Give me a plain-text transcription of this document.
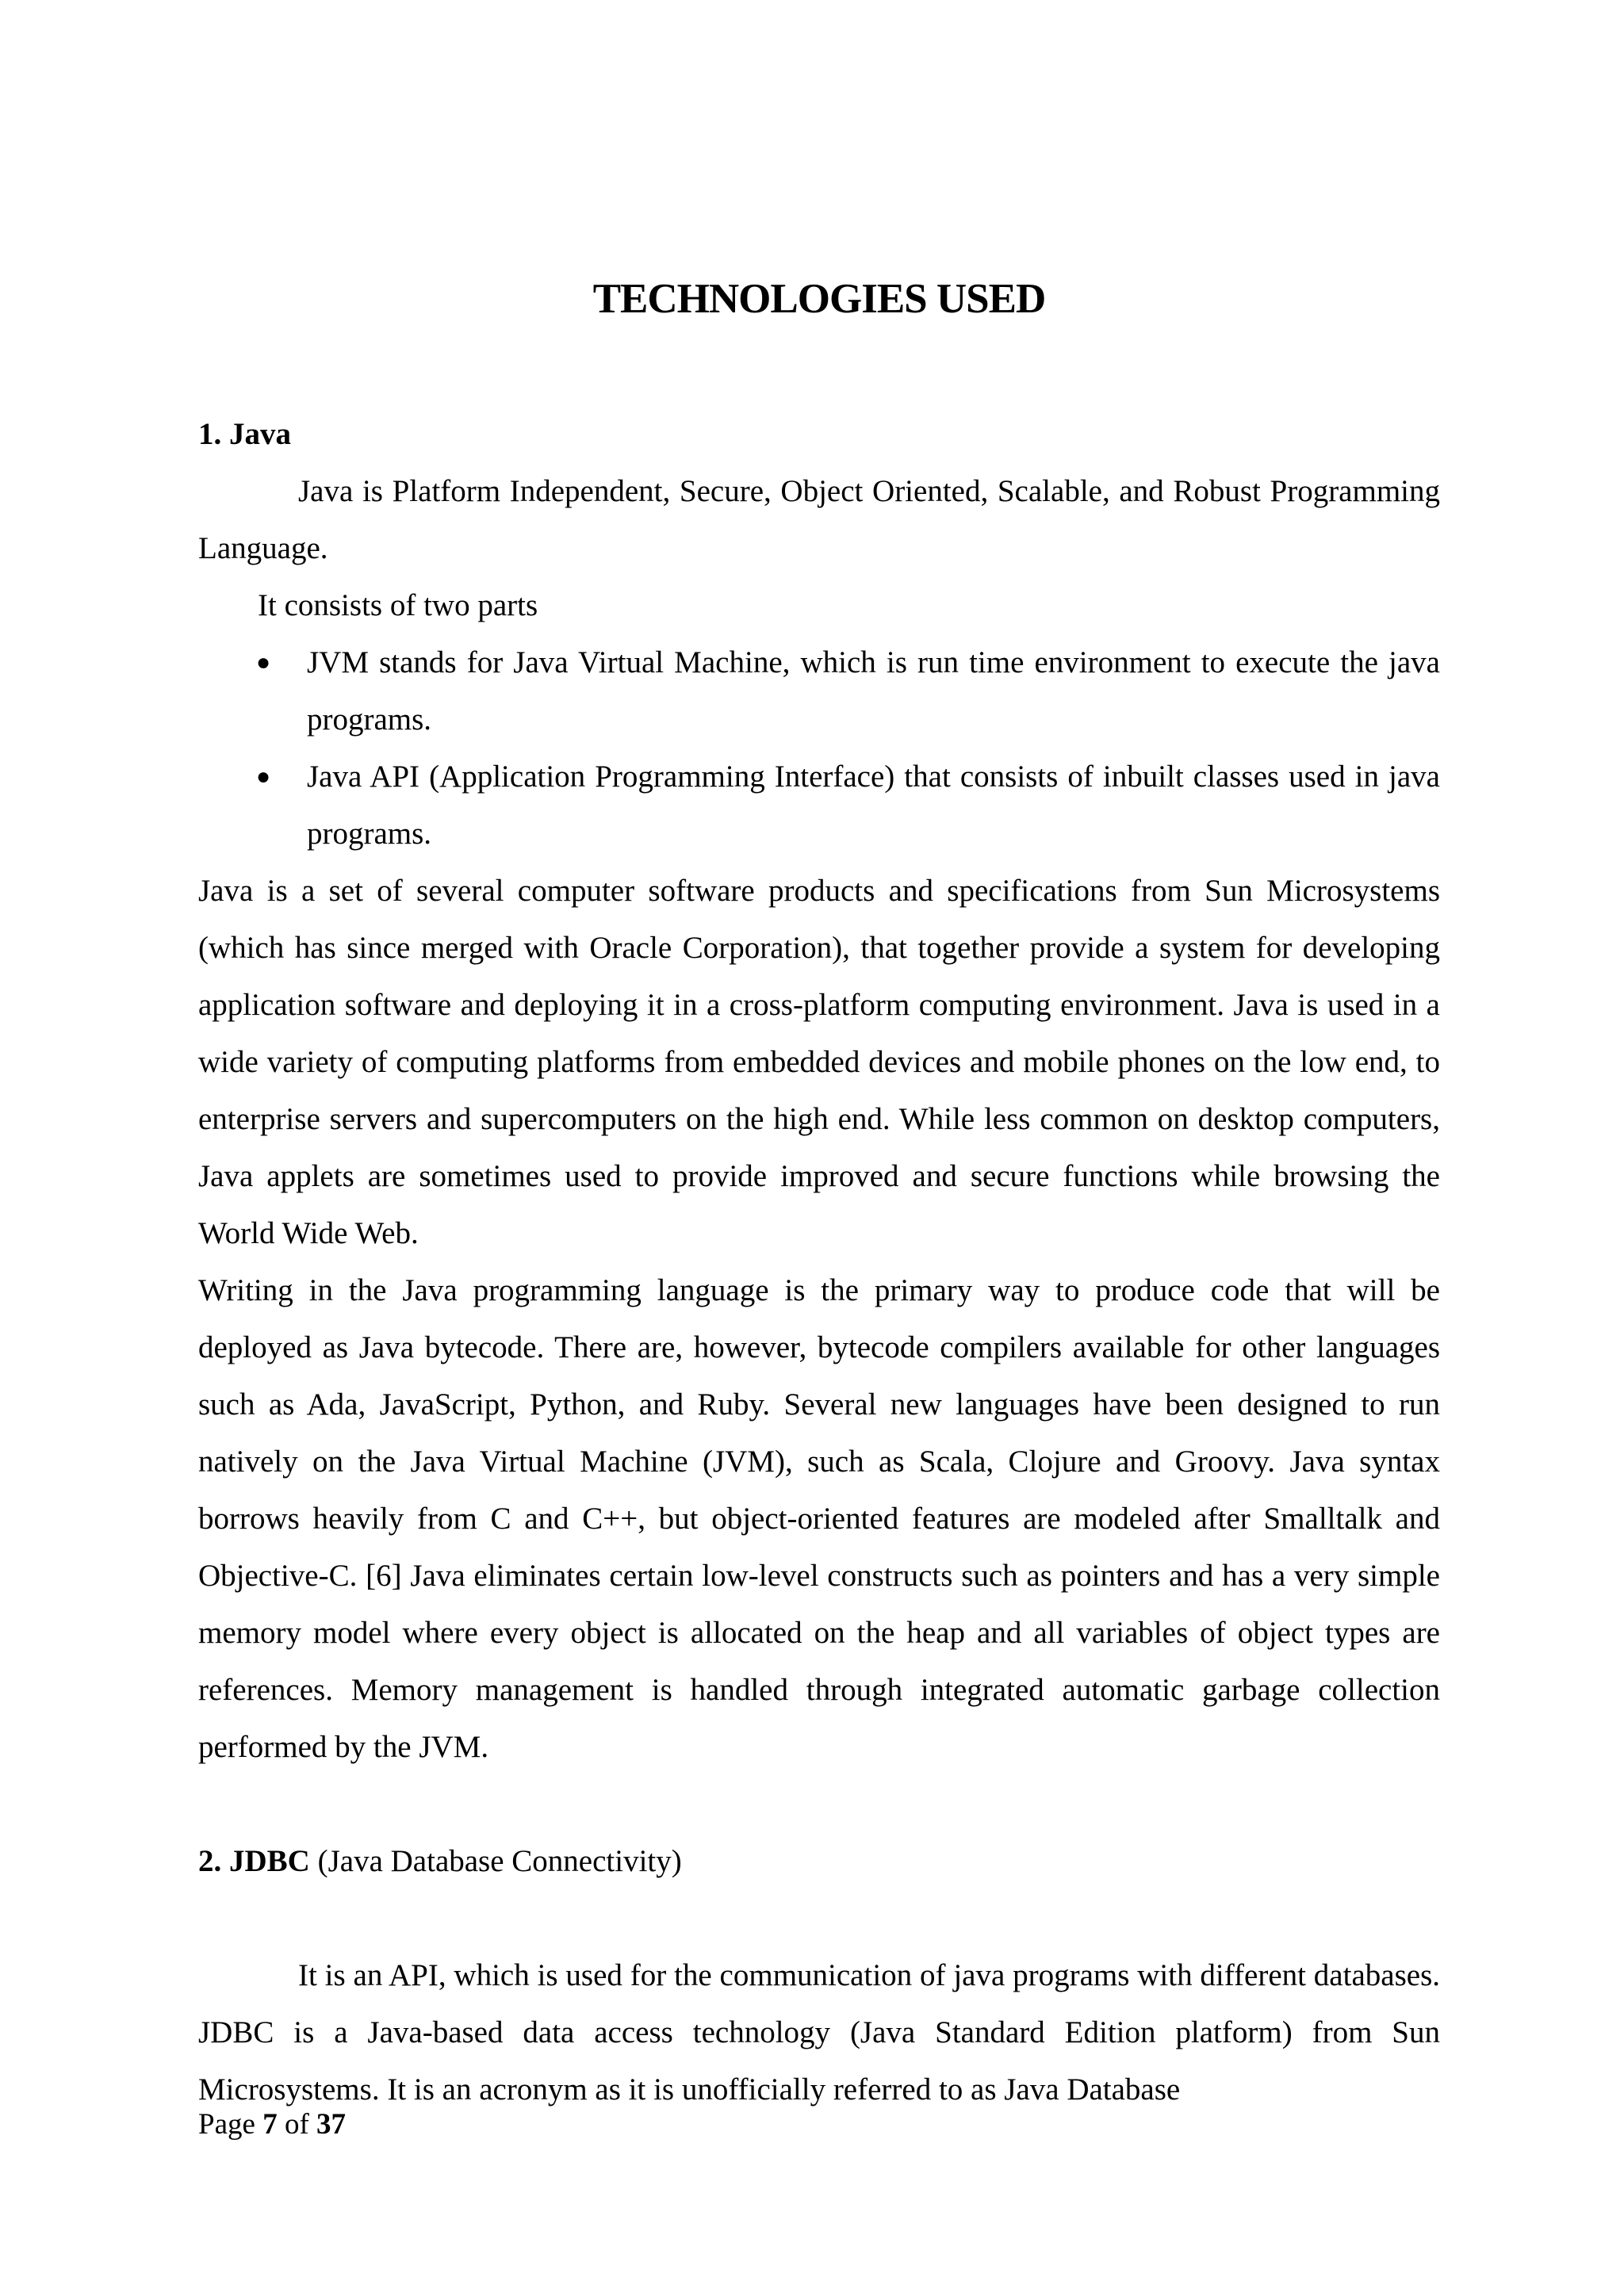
TECHNOLOGIES USED
1. Java

Java is Platform Independent, Secure, Object Oriented, Scalable, and Robust Programming Language.

It consists of two parts

● JVM stands for Java Virtual Machine, which is run time environment to execute the java programs.
● Java API (Application Programming Interface) that consists of inbuilt classes used in java programs.

Java is a set of several computer software products and specifications from Sun Microsystems (which has since merged with Oracle Corporation), that together provide a system for developing application software and deploying it in a cross-platform computing environment. Java is used in a wide variety of computing platforms from embedded devices and mobile phones on the low end, to enterprise servers and supercomputers on the high end. While less common on desktop computers, Java applets are sometimes used to provide improved and secure functions while browsing the World Wide Web.

Writing in the Java programming language is the primary way to produce code that will be deployed as Java bytecode. There are, however, bytecode compilers available for other languages such as Ada, JavaScript, Python, and Ruby. Several new languages have been designed to run natively on the Java Virtual Machine (JVM), such as Scala, Clojure and Groovy. Java syntax borrows heavily from C and C++, but object-oriented features are modeled after Smalltalk and Objective-C. [6] Java eliminates certain low-level constructs such as pointers and has a very simple memory model where every object is allocated on the heap and all variables of object types are references. Memory management is handled through integrated automatic garbage collection performed by the JVM.

2. JDBC (Java Database Connectivity)

It is an API, which is used for the communication of java programs with different databases. JDBC is a Java-based data access technology (Java Standard Edition platform) from Sun Microsystems. It is an acronym as it is unofficially referred to as Java Database

Page 7 of 37
